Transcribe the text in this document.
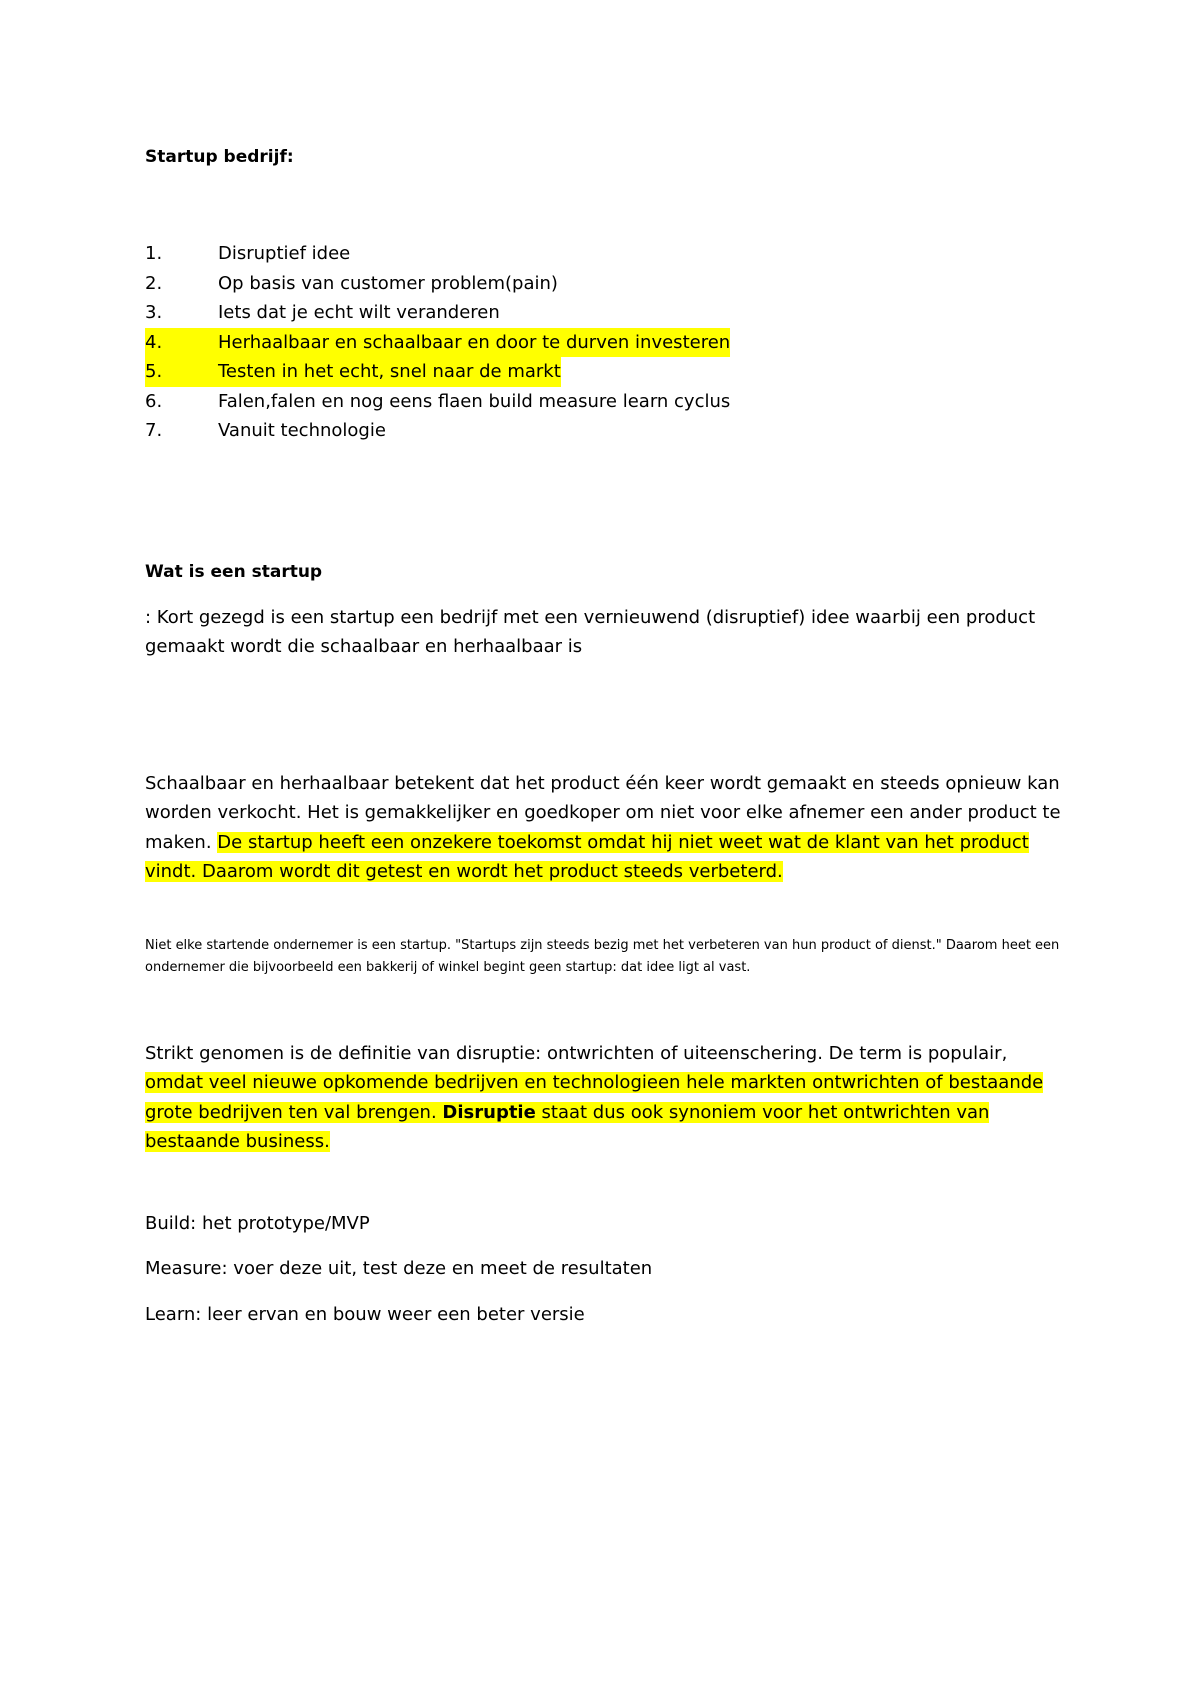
Startup bedrijf:

1.	Disruptief idee
2.	Op basis van customer problem(pain)
3.	Iets dat je echt wilt veranderen
4.	Herhaalbaar en schaalbaar en door te durven investeren
5.	Testen in het echt, snel naar de markt
6.	Falen,falen en nog eens flaen build measure learn cyclus
7.	Vanuit technologie

Wat is een startup

: Kort gezegd is een startup een bedrijf met een vernieuwend (disruptief) idee waarbij een product gemaakt wordt die schaalbaar en herhaalbaar is

Schaalbaar en herhaalbaar betekent dat het product één keer wordt gemaakt en steeds opnieuw kan worden verkocht. Het is gemakkelijker en goedkoper om niet voor elke afnemer een ander product te maken. De startup heeft een onzekere toekomst omdat hij niet weet wat de klant van het product vindt. Daarom wordt dit getest en wordt het product steeds verbeterd.

Niet elke startende ondernemer is een startup. "Startups zijn steeds bezig met het verbeteren van hun product of dienst." Daarom heet een ondernemer die bijvoorbeeld een bakkerij of winkel begint geen startup: dat idee ligt al vast.

Strikt genomen is de definitie van disruptie: ontwrichten of uiteenschering. De term is populair, omdat veel nieuwe opkomende bedrijven en technologieen hele markten ontwrichten of bestaande grote bedrijven ten val brengen. Disruptie staat dus ook synoniem voor het ontwrichten van bestaande business.

Build: het prototype/MVP

Measure: voer deze uit, test deze en meet de resultaten

Learn: leer ervan en bouw weer een beter versie
